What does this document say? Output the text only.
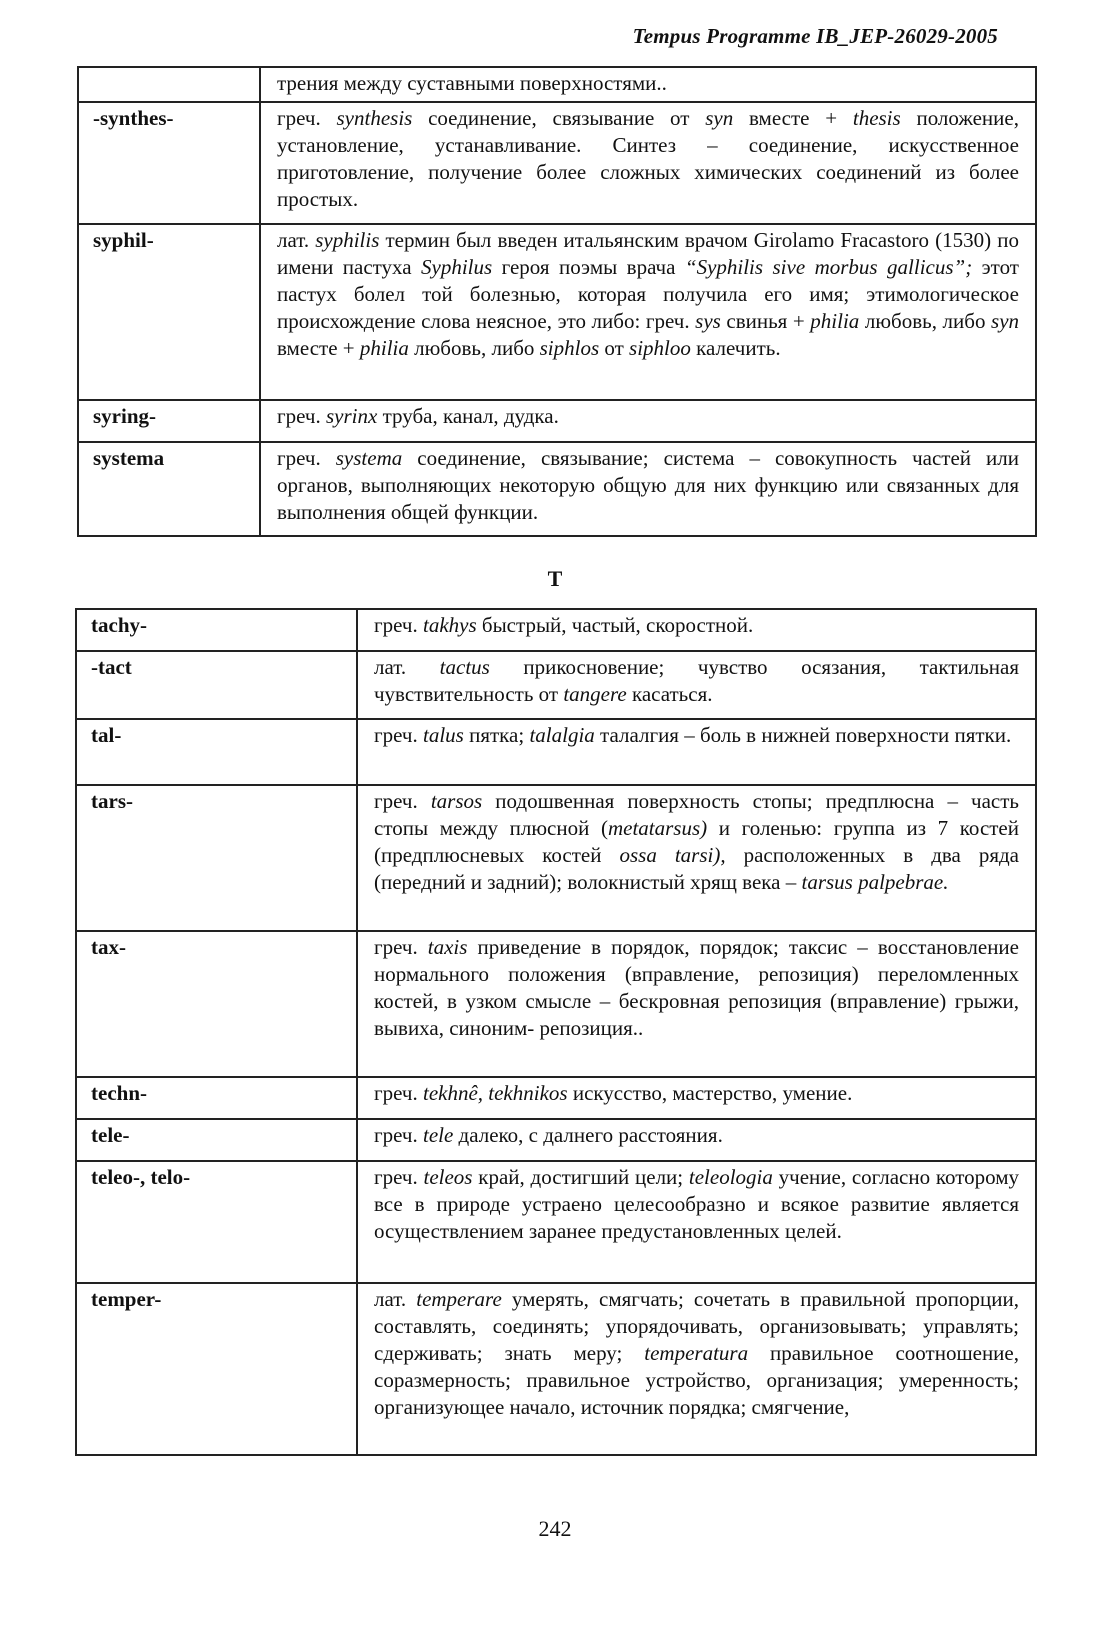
Tempus Programme IB_JEP-26029-2005
	трения между суставными поверхностями..
-synthes-	греч. synthesis соединение, связывание от syn вместе + thesis положение, установление, устанавливание. Синтез – соединение, искусственное приготовление, получение более сложных химических соединений из более простых.
syphil-	лат. syphilis термин был введен итальянским врачом Girolamo Fracastoro (1530) по имени пастуха Syphilus героя поэмы врача “Syphilis sive morbus gallicus”; этот пастух болел той болезнью, которая получила его имя; этимологическое происхождение слова неясное, это либо: греч. sys свинья + philia любовь, либо syn вместе + philia любовь, либо siphlos от siphloo калечить.
syring-	греч. syrinx труба, канал, дудка.
systema	греч. systema соединение, связывание; система – совокупность частей или органов, выполняющих некоторую общую для них функцию или связанных для выполнения общей функции.
T
tachy-	греч. takhys быстрый, частый, скоростной.
-tact	лат. tactus прикосновение; чувство осязания, тактильная чувствительность от tangere касаться.
tal-	греч. talus пятка; talalgia талалгия – боль в нижней поверхности пятки.
tars-	греч. tarsos подошвенная поверхность стопы; предплюсна – часть стопы между плюсной (metatarsus) и голенью: группа из 7 костей (предплюсневых костей ossa tarsi), расположенных в два ряда (передний и задний); волокнистый хрящ века – tarsus palpebrae.
tax-	греч. taxis приведение в порядок, порядок; таксис – восстановление нормального положения (вправление, репозиция) переломленных костей, в узком смысле – бескровная репозиция (вправление) грыжи, вывиха, синоним- репозиция..
techn-	греч. tekhnê, tekhnikos искусство, мастерство, умение.
tele-	греч. tele далеко, с далнего расстояния.
teleo-, telo-	греч. teleos край, достигший цели; teleologia учение, согласно которому все в природе устраено целесообразно и всякое развитие является осуществлением заранее предустановленных целей.
temper-	лат. temperare умерять, смягчать; сочетать в правильной пропорции, составлять, соединять; упорядочивать, организовывать; управлять; сдерживать; знать меру; temperatura правильное соотношение, соразмерность; правильное устройство, организация; умеренность; организующее начало, источник порядка; смягчение,
242
